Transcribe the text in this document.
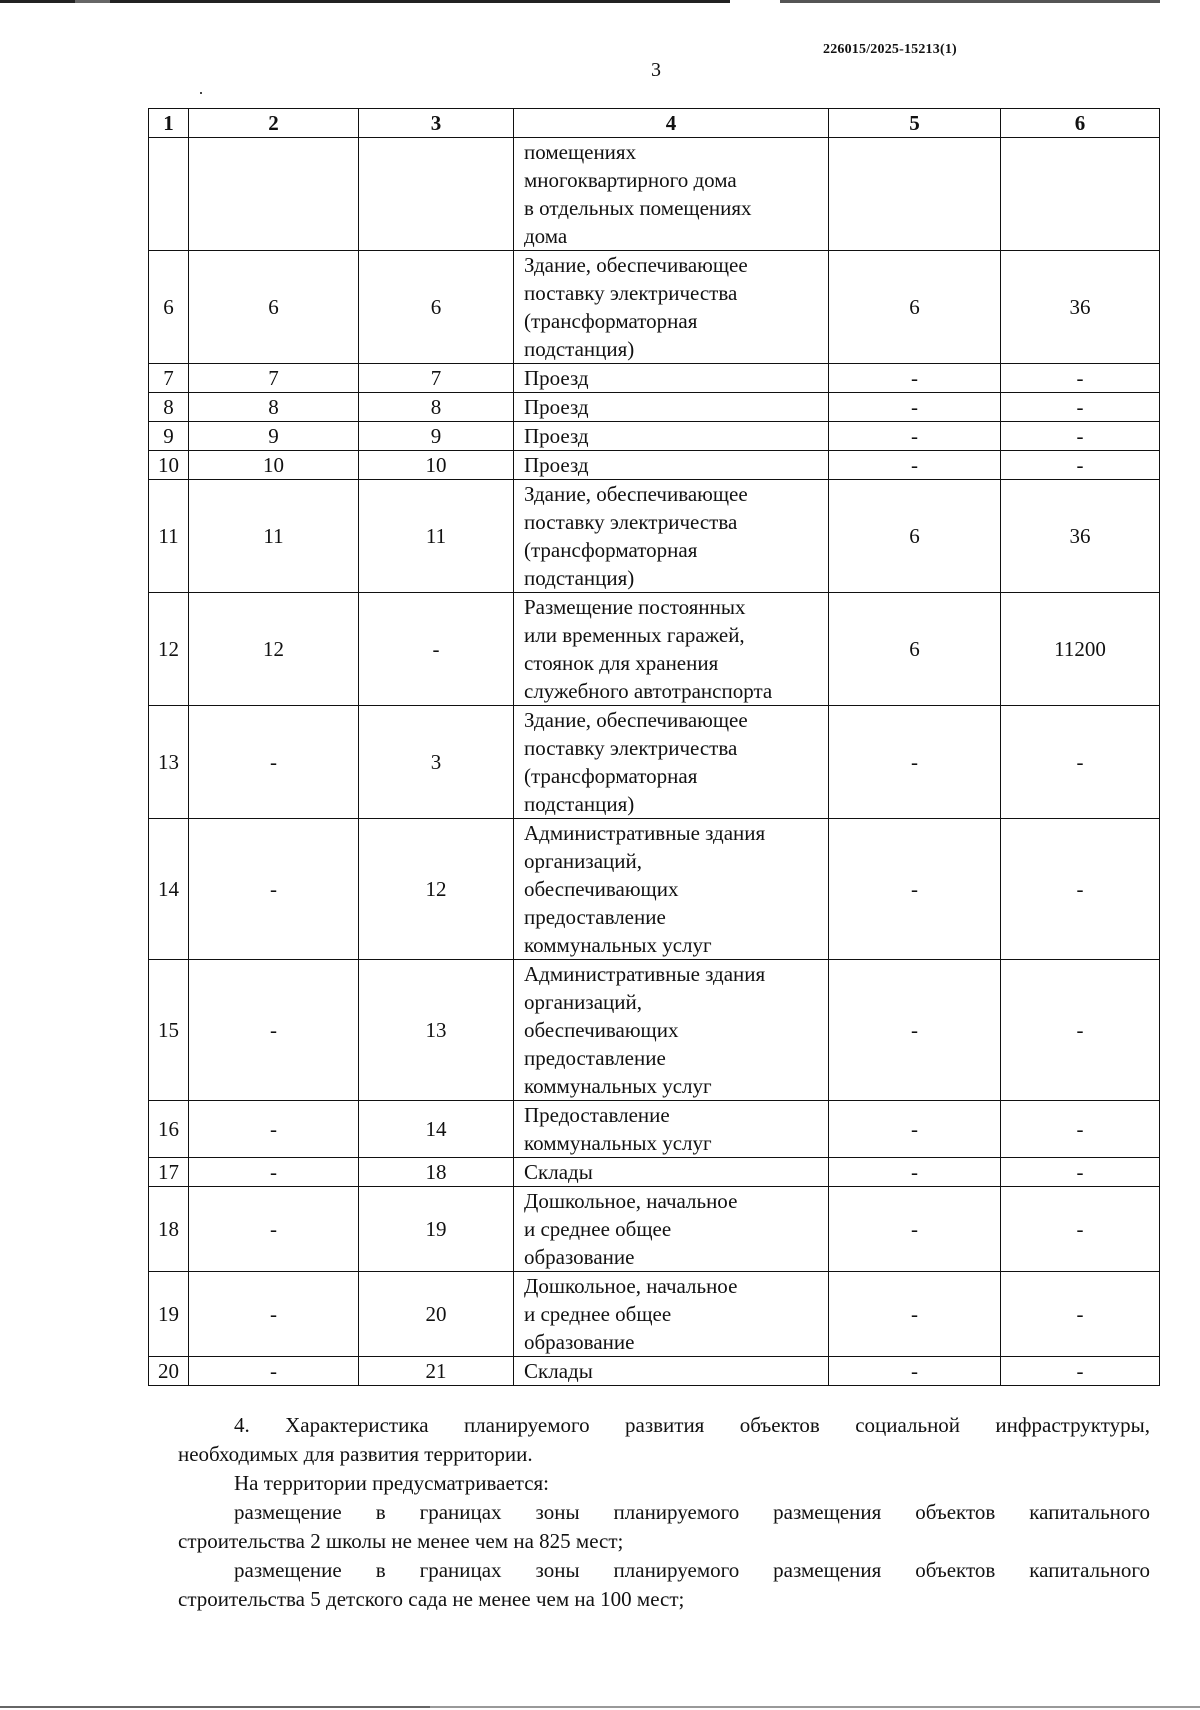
226015/2025-15213(1)
3
1	2	3	4	5	6

			помещениях
многоквартирного дома
в отдельных помещениях
дома		

6	6	6	Здание, обеспечивающее
поставку электричества
(трансформаторная
подстанция)	6	36
7	7	7	Проезд	-	-
8	8	8	Проезд	-	-
9	9	9	Проезд	-	-
10	10	10	Проезд	-	-
11	11	11	Здание, обеспечивающее
поставку электричества
(трансформаторная
подстанция)	6	36
12	12	-	Размещение постоянных
или временных гаражей,
стоянок для хранения
служебного автотранспорта	6	11200
13	-	3	Здание, обеспечивающее
поставку электричества
(трансформаторная
подстанция)	-	-
14	-	12	Административные здания
организаций,
обеспечивающих
предоставление
коммунальных услуг	-	-
15	-	13	Административные здания
организаций,
обеспечивающих
предоставление
коммунальных услуг	-	-
16	-	14	Предоставление
коммунальных услуг	-	-
17	-	18	Склады	-	-
18	-	19	Дошкольное, начальное
и среднее общее
образование	-	-
19	-	20	Дошкольное, начальное
и среднее общее
образование	-	-
20	-	21	Склады	-	-
4. Характеристика планируемого развития объектов социальной инфраструктуры,
необходимых для развития территории.
На территории предусматривается:
размещение в границах зоны планируемого размещения объектов капитального
строительства 2 школы не менее чем на 825 мест;
размещение в границах зоны планируемого размещения объектов капитального
строительства 5 детского сада не менее чем на 100 мест;
